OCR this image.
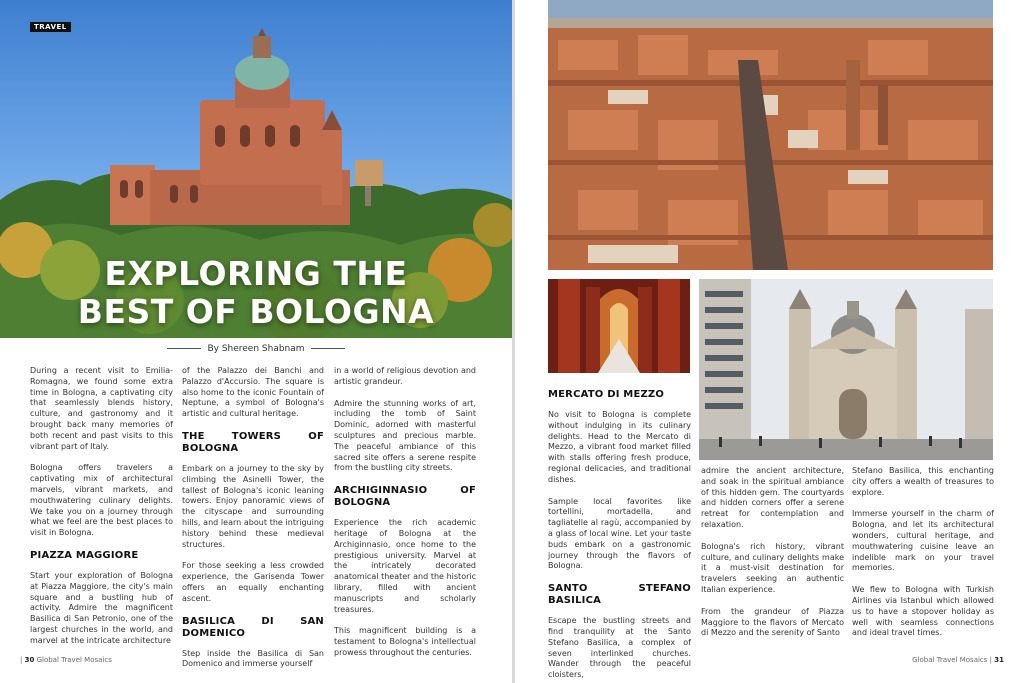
TRAVEL
EXPLORING THE
BEST OF BOLOGNA
By Shereen Shabnam

During a recent visit to Emilia-Romagna, we found some extra time in Bologna, a captivating city that seamlessly blends history, culture, and gastronomy and it brought back many memories of both recent and past visits to this vibrant part of Italy.

Bologna offers travelers a captivating mix of architectural marvels, vibrant markets, and mouthwatering culinary delights. We take you on a journey through what we feel are the best places to visit in Bologna.

PIAZZA MAGGIORE

Start your exploration of Bologna at Piazza Maggiore, the city's main square and a bustling hub of activity. Admire the magnificent Basilica di San Petronio, one of the largest churches in the world, and marvel at the intricate architecture

of the Palazzo dei Banchi and Palazzo d'Accursio. The square is also home to the iconic Fountain of Neptune, a symbol of Bologna's artistic and cultural heritage.

THE TOWERS OF BOLOGNA

Embark on a journey to the sky by climbing the Asinelli Tower, the tallest of Bologna's iconic leaning towers. Enjoy panoramic views of the cityscape and surrounding hills, and learn about the intriguing history behind these medieval structures.

For those seeking a less crowded experience, the Garisenda Tower offers an equally enchanting ascent.

BASILICA DI SAN DOMENICO

Step inside the Basilica di San Domenico and immerse yourself

in a world of religious devotion and artistic grandeur.

Admire the stunning works of art, including the tomb of Saint Dominic, adorned with masterful sculptures and precious marble. The peaceful ambiance of this sacred site offers a serene respite from the bustling city streets.

ARCHIGINNASIO OF BOLOGNA

Experience the rich academic heritage of Bologna at the Archiginnasio, once home to the prestigious university. Marvel at the intricately decorated anatomical theater and the historic library, filled with ancient manuscripts and scholarly treasures.

This magnificent building is a testament to Bologna's intellectual prowess throughout the centuries.

| 30 Global Travel Mosaics
MERCATO DI MEZZO

No visit to Bologna is complete without indulging in its culinary delights. Head to the Mercato di Mezzo, a vibrant food market filled with stalls offering fresh produce, regional delicacies, and traditional dishes.

Sample local favorites like tortellini, mortadella, and tagliatelle al ragù, accompanied by a glass of local wine. Let your taste buds embark on a gastronomic journey through the flavors of Bologna.

SANTO STEFANO BASILICA

Escape the bustling streets and find tranquility at the Santo Stefano Basilica, a complex of seven interlinked churches. Wander through the peaceful cloisters,

admire the ancient architecture, and soak in the spiritual ambiance of this hidden gem. The courtyards and hidden corners offer a serene retreat for contemplation and relaxation.

Bologna's rich history, vibrant culture, and culinary delights make it a must-visit destination for travelers seeking an authentic Italian experience.

From the grandeur of Piazza Maggiore to the flavors of Mercato di Mezzo and the serenity of Santo

Stefano Basilica, this enchanting city offers a wealth of treasures to explore.

Immerse yourself in the charm of Bologna, and let its architectural wonders, cultural heritage, and mouthwatering cuisine leave an indelible mark on your travel memories.

We flew to Bologna with Turkish Airlines via Istanbul which allowed us to have a stopover holiday as well with seamless connections and ideal travel times.

Global Travel Mosaics | 31
